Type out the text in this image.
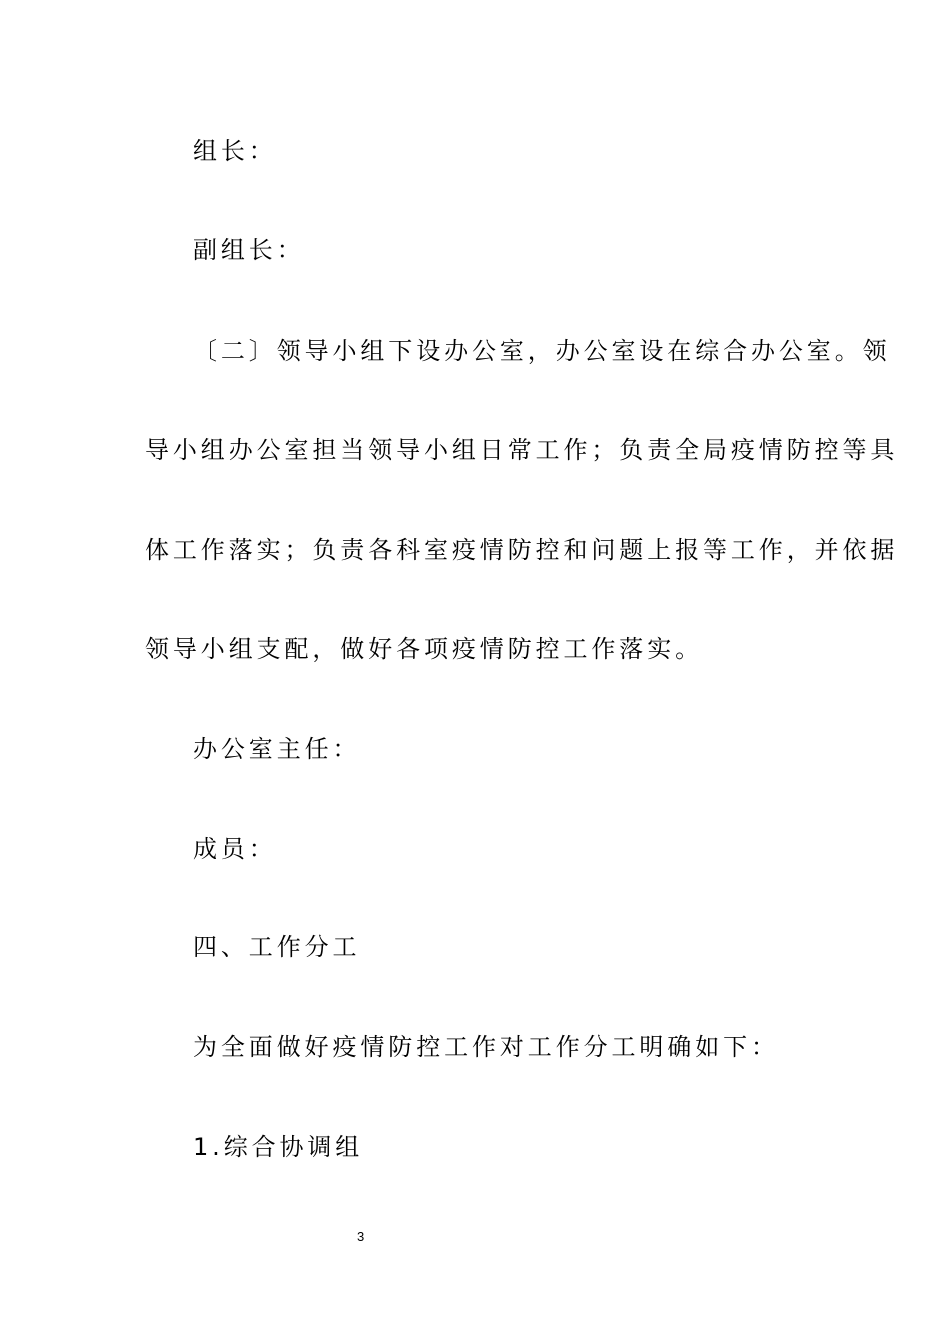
组长：
副组长：
〔二〕领导小组下设办公室，办公室设在综合办公室。领
导小组办公室担当领导小组日常工作；负责全局疫情防控等具
体工作落实；负责各科室疫情防控和问题上报等工作，并依据
领导小组支配，做好各项疫情防控工作落实。
办公室主任：
成员：
四、工作分工
为全面做好疫情防控工作对工作分工明确如下：
1.综合协调组
3
